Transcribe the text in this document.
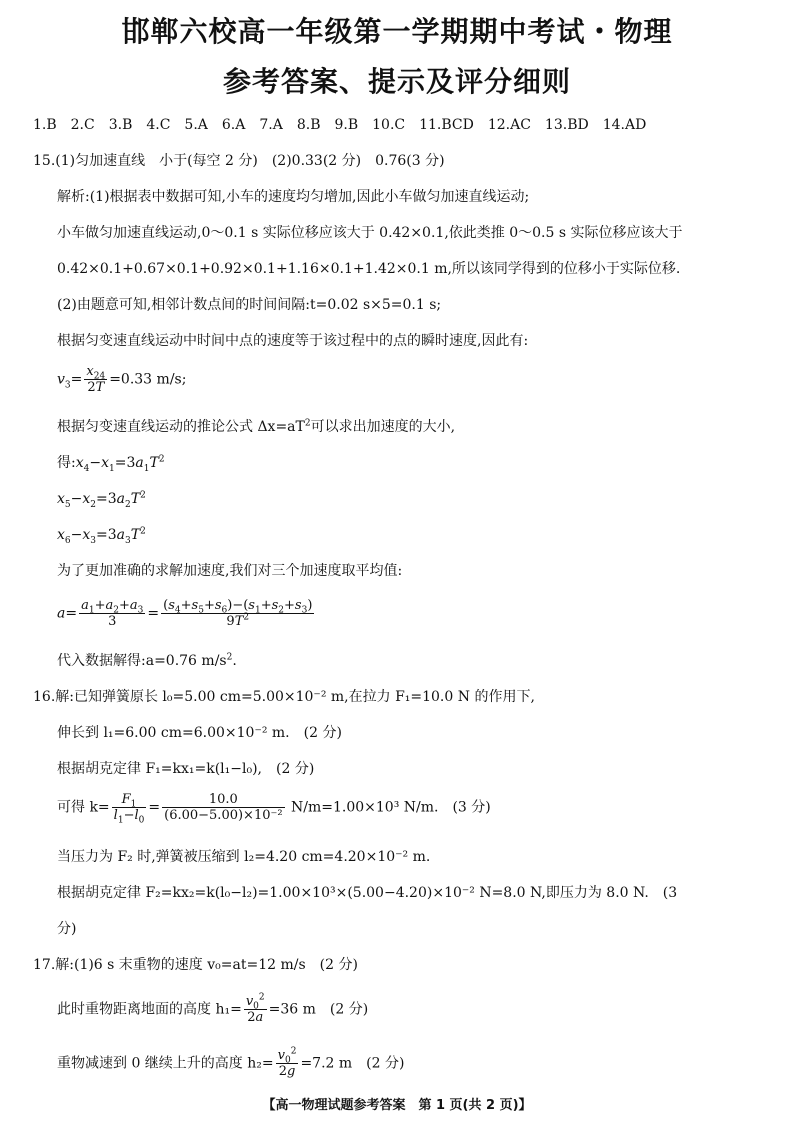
邯郸六校高一年级第一学期期中考试・物理
参考答案、提示及评分细则
1.B　2.C　3.B　4.C　5.A　6.A　7.A　8.B　9.B　10.C　11.BCD　12.AC　13.BD　14.AD
15.(1)匀加速直线　小于(每空 2 分)　(2)0.33(2 分)　0.76(3 分)
解析:(1)根据表中数据可知,小车的速度均匀增加,因此小车做匀加速直线运动;
小车做匀加速直线运动,0～0.1 s 实际位移应该大于 0.42×0.1,依此类推 0～0.5 s 实际位移应该大于
0.42×0.1+0.67×0.1+0.92×0.1+1.16×0.1+1.42×0.1 m,所以该同学得到的位移小于实际位移.
(2)由题意可知,相邻计数点间的时间间隔:t=0.02 s×5=0.1 s;
根据匀变速直线运动中时间中点的速度等于该过程中的点的瞬时速度,因此有:
$v_3= \frac{x_{24}}{2T} =0.33$ m/s;
根据匀变速直线运动的推论公式 $\Delta x=aT^2$可以求出加速度的大小,
得$:x_4-x_1=3a_1T^2$
$x_5-x_2=3a_2T^2$
$x_6-x_3=3a_3T^2$
为了更加准确的求解加速度,我们对三个加速度取平均值:
$a= \frac{a_1+a_2+a_3}{3} = \frac{(s_4+s_5+s_6)-(s_1+s_2+s_3)}{9T^2}$
代入数据解得:a=0.76 $m/s^2$.
16.解:已知弹簧原长 l₀=5.00 cm=5.00×10⁻² m,在拉力 F₁=10.0 N 的作用下,
伸长到 l₁=6.00 cm=6.00×10⁻² m.　(2 分)
根据胡克定律 F₁=kx₁=k(l₁−l₀),　(2 分)
可得 $k= \frac{F_1}{l_1-l_0} = \frac{10.0}{\text{(6.00−5.00)×10⁻²}} N/m=1.00\times 10^3$ N/m.　(3 分)
当压力为 F₂ 时,弹簧被压缩到 l₂=4.20 cm=4.20×10⁻² m.
根据胡克定律 F₂=kx₂=k(l₀−l₂)=1.00×10³×(5.00−4.20)×10⁻² N=8.0 N,即压力为 8.0 N.　(3
分)
17.解:(1)6 s 末重物的速度 v₀=at=12 m/s　(2 分)
此时重物距离地面的高度 $h_1= \frac{v_0^2}{2a} =36$ m　(2 分)
重物减速到 0 继续上升的高度 $h_2= \frac{v_0^2}{2g} =7.2$ m　(2 分)
【高一物理试题参考答案　第 1 页(共 2 页)】
